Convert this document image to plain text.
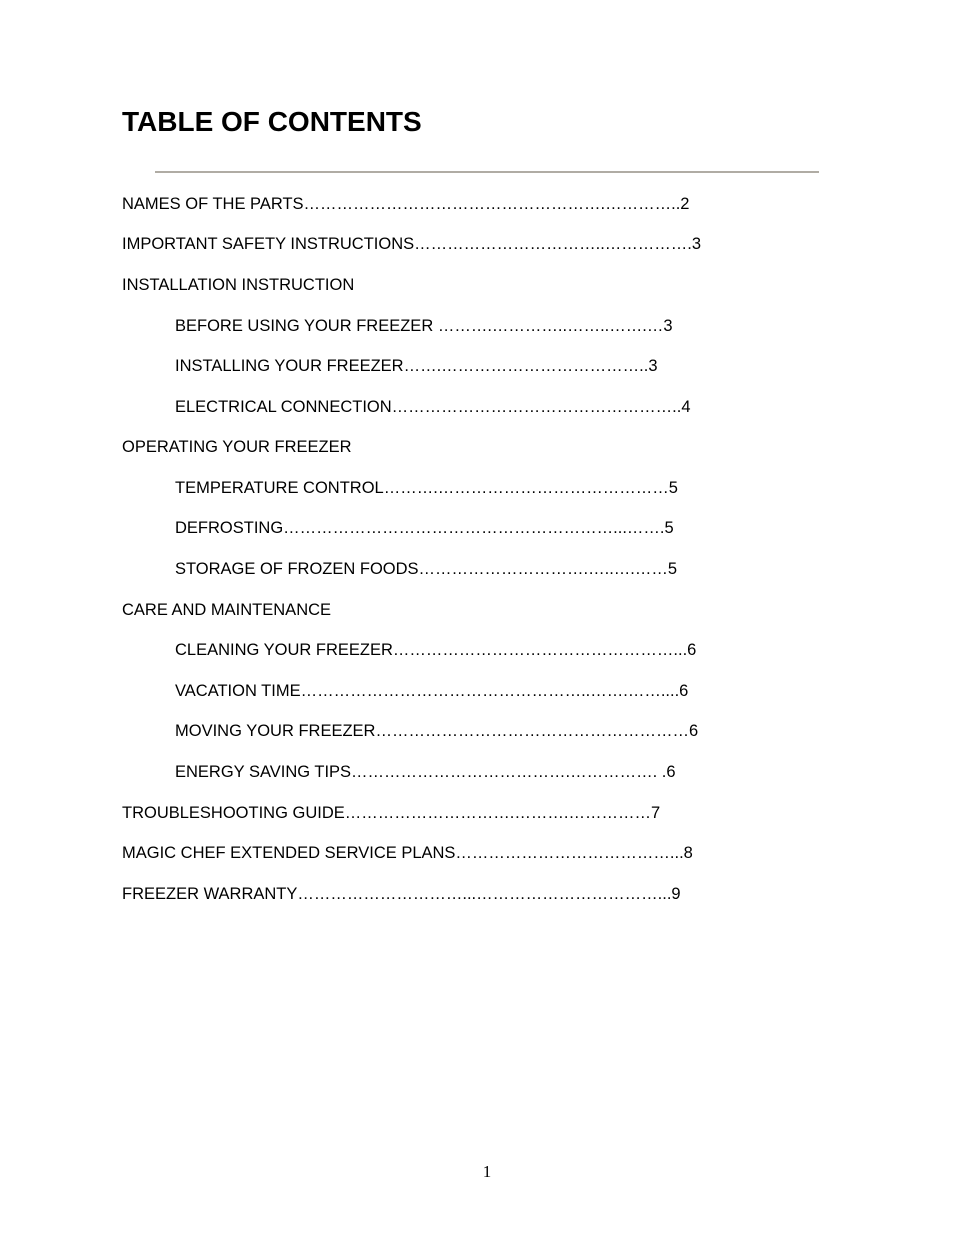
TABLE OF CONTENTS

NAMES OF THE PARTS……………………………………………….…………..2

IMPORTANT SAFETY INSTRUCTIONS……………………………..…………….3

INSTALLATION INSTRUCTION

BEFORE USING YOUR FREEZER ……….…………..……..…….…3

INSTALLING YOUR FREEZER…….………………………………..3

ELECTRICAL CONNECTION……………………………………………..4

OPERATING YOUR FREEZER

TEMPERATURE CONTROL……….……………………………………5

DEFROSTING……………………………………………………...…….5

STORAGE OF FROZEN FOODS………………………….…..….……5

CARE AND MAINTENANCE

CLEANING YOUR FREEZER……………………………………………...6

VACATION TIME……………………………………………..…….……....6

MOVING YOUR FREEZER…………………………………………………6

ENERGY SAVING TIPS………………………………….……………. .6

TROUBLESHOOTING GUIDE………………………….……….……………7

MAGIC CHEF EXTENDED SERVICE PLANS…………………………………...8

FREEZER WARRANTY…………………………...……………………………...9

1
